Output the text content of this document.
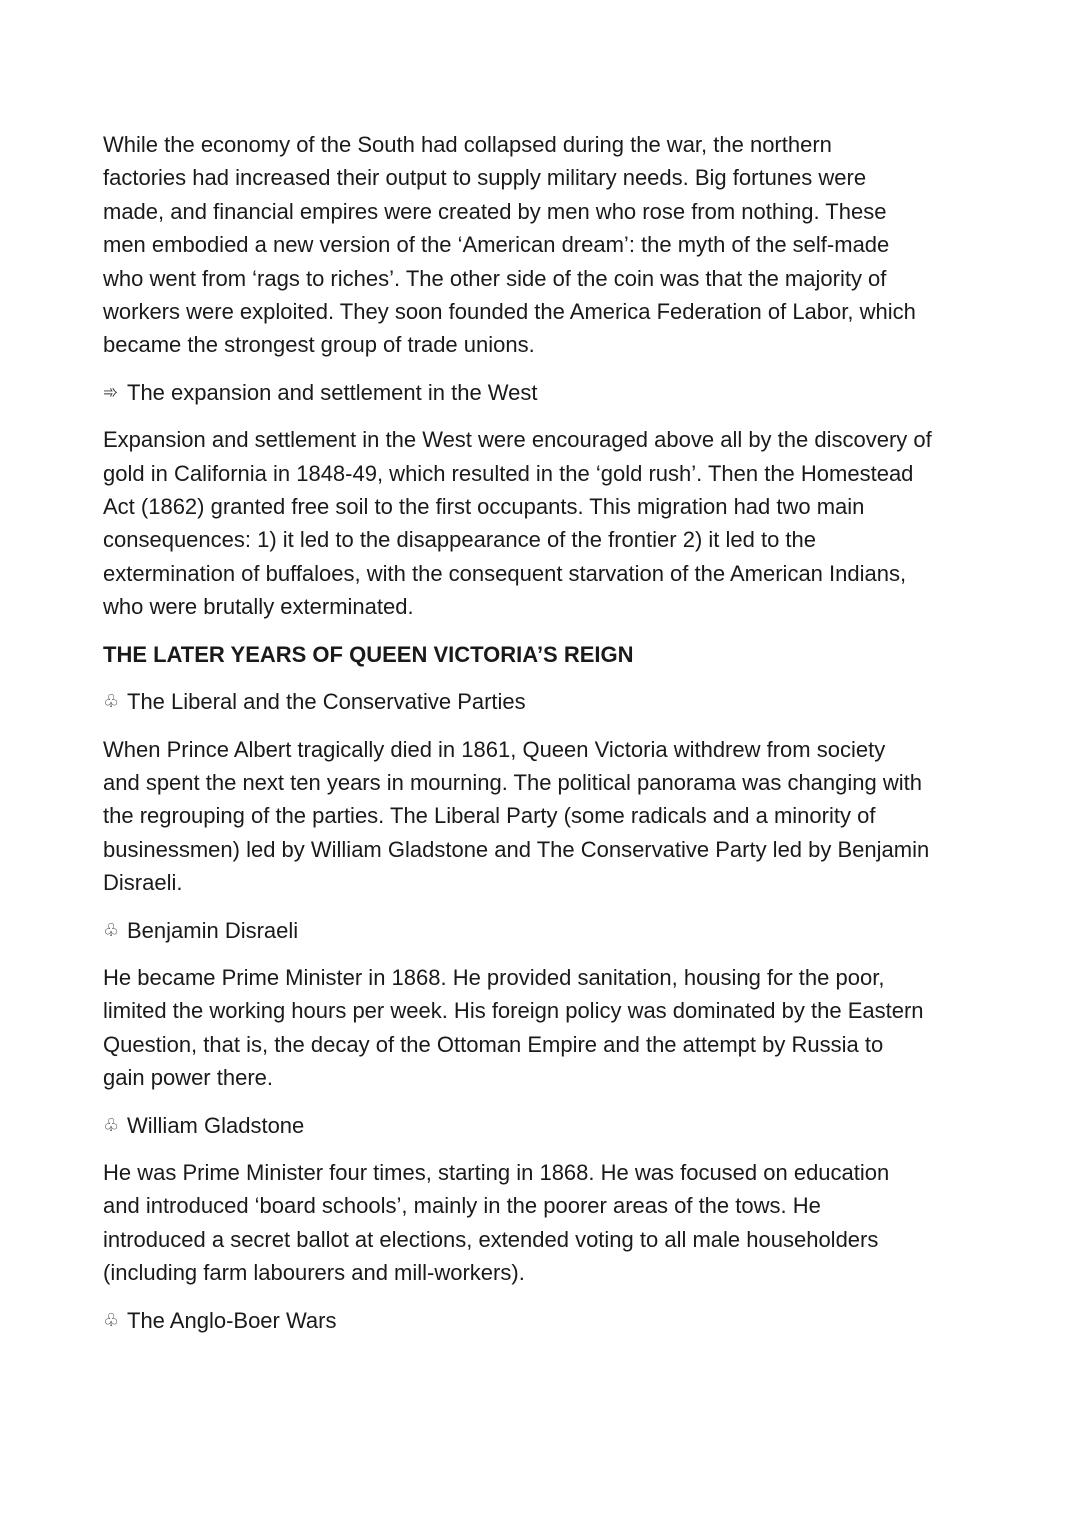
While the economy of the South had collapsed during the war, the northern
factories had increased their output to supply military needs. Big fortunes were
made, and financial empires were created by men who rose from nothing. These
men embodied a new version of the ‘American dream’: the myth of the self-made
who went from ‘rags to riches’. The other side of the coin was that the majority of
workers were exploited. They soon founded the America Federation of Labor, which
became the strongest group of trade unions.
➾ The expansion and settlement in the West
Expansion and settlement in the West were encouraged above all by the discovery of
gold in California in 1848-49, which resulted in the ‘gold rush’. Then the Homestead
Act (1862) granted free soil to the first occupants. This migration had two main
consequences: 1) it led to the disappearance of the frontier 2) it led to the
extermination of buffaloes, with the consequent starvation of the American Indians,
who were brutally exterminated.
THE LATER YEARS OF QUEEN VICTORIA’S REIGN
♧ The Liberal and the Conservative Parties
When Prince Albert tragically died in 1861, Queen Victoria withdrew from society
and spent the next ten years in mourning. The political panorama was changing with
the regrouping of the parties. The Liberal Party (some radicals and a minority of
businessmen) led by William Gladstone and The Conservative Party led by Benjamin
Disraeli.
♧ Benjamin Disraeli
He became Prime Minister in 1868. He provided sanitation, housing for the poor,
limited the working hours per week. His foreign policy was dominated by the Eastern
Question, that is, the decay of the Ottoman Empire and the attempt by Russia to
gain power there.
♧ William Gladstone
He was Prime Minister four times, starting in 1868. He was focused on education
and introduced ‘board schools’, mainly in the poorer areas of the tows. He
introduced a secret ballot at elections, extended voting to all male householders
(including farm labourers and mill-workers).
♧ The Anglo-Boer Wars
